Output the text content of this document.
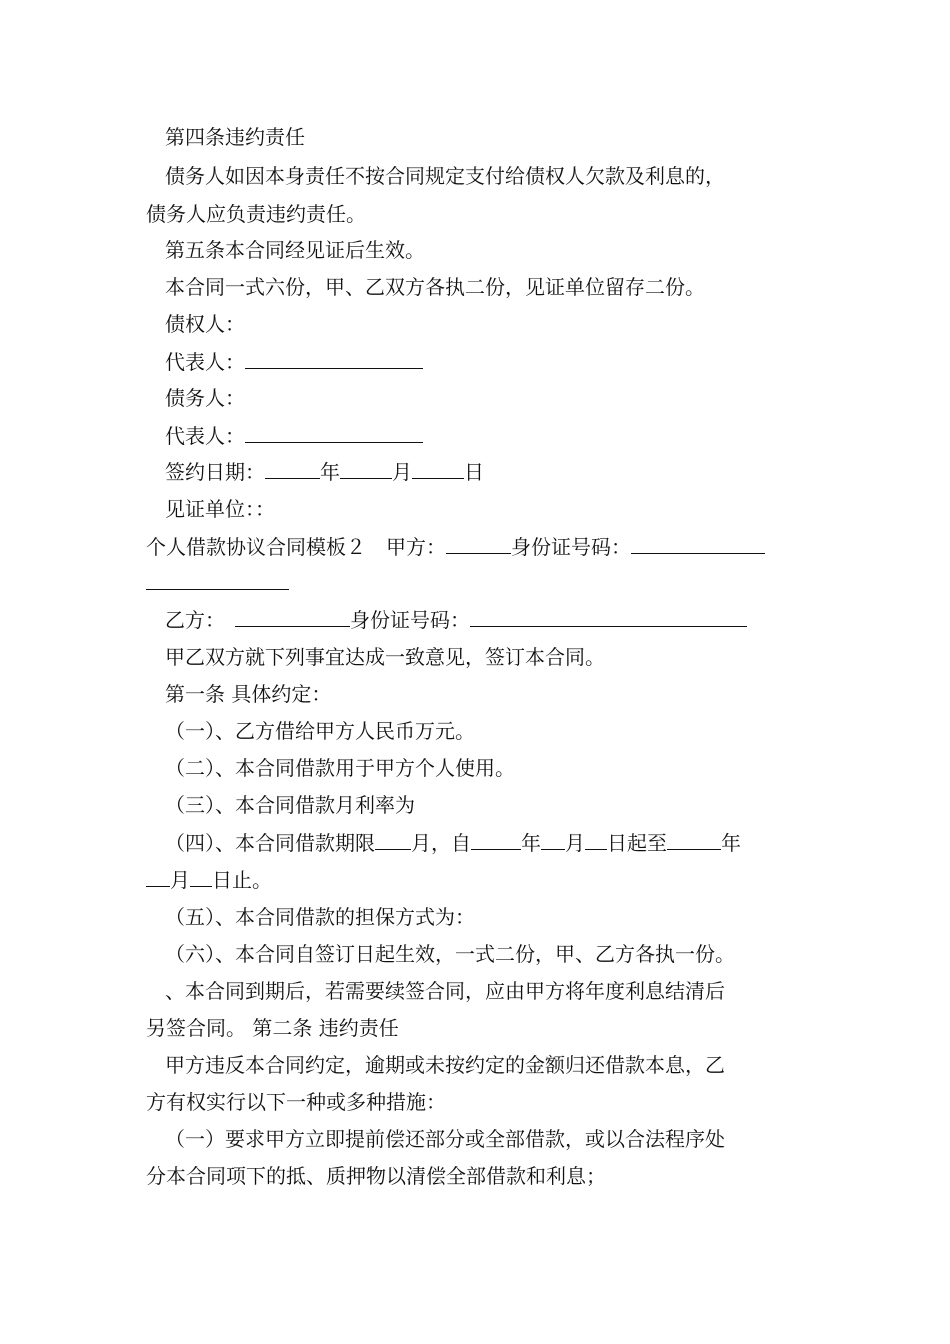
第四条违约责任
债务人如因本身责任不按合同规定支付给债权人欠款及利息的，
债务人应负责违约责任。
第五条本合同经见证后生效。
本合同一式六份，甲、乙双方各执二份，见证单位留存二份。
债权人：
代表人：
债务人：
代表人：
签约日期：	年	月	日
见证单位：：
个人借款协议合同模板２　甲方：	身份证号码：
乙方：　	身份证号码：
甲乙双方就下列事宜达成一致意见，签订本合同。
第一条 具体约定：
（一）、乙方借给甲方人民币万元。
（二）、本合同借款用于甲方个人使用。
（三）、本合同借款月利率为
（四）、本合同借款期限 月，自	年 月 日起至	年
月 日止。
（五）、本合同借款的担保方式为：
（六）、本合同自签订日起生效，一式二份，甲、乙方各执一份。
、本合同到期后，若需要续签合同，应由甲方将年度利息结清后
另签合同。 第二条 违约责任
甲方违反本合同约定，逾期或未按约定的金额归还借款本息，乙
方有权实行以下一种或多种措施：
（一）要求甲方立即提前偿还部分或全部借款，或以合法程序处
分本合同项下的抵、质押物以清偿全部借款和利息；
